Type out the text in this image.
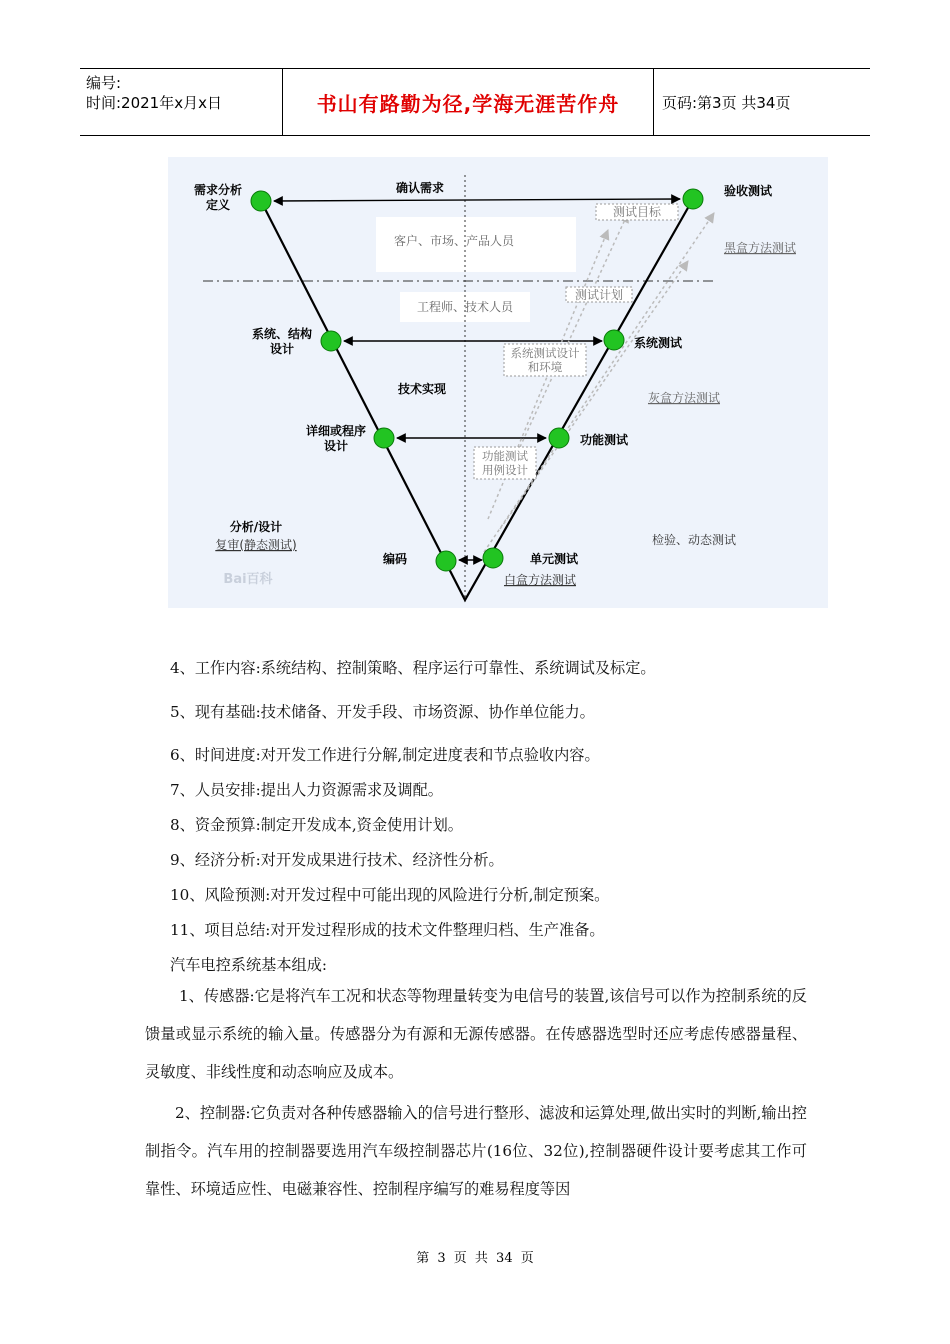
编号:
时间:2021年x月x日	书山有路勤为径,学海无涯苦作舟	页码:第3页 共34页
需求分析
定义
系统、结构
设计
详细或程序
设计
编码	单元测试
功能测试
系统测试
验收测试
确认需求
测试目标
客户、市场、产品人员	黑盒方法测试
测试计划
工程师、技术人员
系统测试设计
和环境
技术实现
灰盒方法测试
功能测试
用例设计
分析/设计
复审(静态测试)	检验、动态测试
白盒方法测试
Bai百科
4、工作内容:系统结构、控制策略、程序运行可靠性、系统调试及标定。
5、现有基础:技术储备、开发手段、市场资源、协作单位能力。
6、时间进度:对开发工作进行分解,制定进度表和节点验收内容。
7、人员安排:提出人力资源需求及调配。
8、资金预算:制定开发成本,资金使用计划。
9、经济分析:对开发成果进行技术、经济性分析。
10、风险预测:对开发过程中可能出现的风险进行分析,制定预案。
11、项目总结:对开发过程形成的技术文件整理归档、生产准备。
汽车电控系统基本组成:

1、传感器:它是将汽车工况和状态等物理量转变为电信号的装置,该信号可以作为控制系统的反馈量或显示系统的输入量。传感器分为有源和无源传感器。在传感器选型时还应考虑传感器量程、灵敏度、非线性度和动态响应及成本。

2、控制器:它负责对各种传感器输入的信号进行整形、滤波和运算处理,做出实时的判断,输出控制指令。汽车用的控制器要选用汽车级控制器芯片(16位、32位),控制器硬件设计要考虑其工作可靠性、环境适应性、电磁兼容性、控制程序编写的难易程度等因

第 3 页 共 34 页
